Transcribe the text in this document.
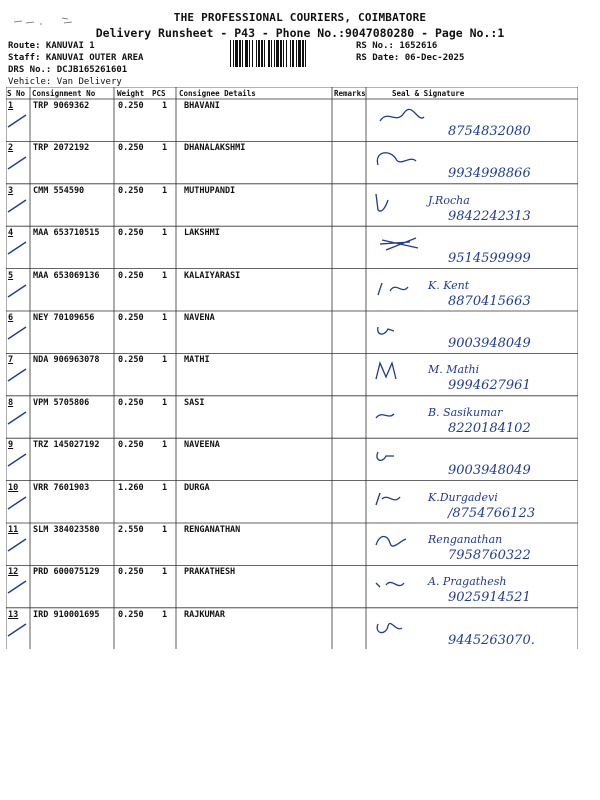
THE PROFESSIONAL COURIERS, COIMBATORE
Delivery Runsheet - P43 - Phone No.:9047080280 - Page No.:1
Route: KANUVAI 1
Staff: KANUVAI OUTER AREA
DRS No.: DCJB165261601
Vehicle: Van Delivery
RS No.: 1652616
RS Date: 06-Dec-2025
S No Consignment No	Weight PCS Consignee Details	Remarks	Seal & Signature
1 TRP 9069362	0.250 1 BHAVANI
8754832080
2 TRP 2072192	0.250 1 DHANALAKSHMI
9934998866
3 CMM 554590	0.250 1 MUTHUPANDI
J.Rocha
9842242313
4 MAA 653710515 0.250 1 LAKSHMI
9514599999
5 MAA 653069136 0.250 1 KALAIYARASI
K. Kent
8870415663
6 NEY 70109656	0.250 1 NAVENA
9003948049
7 NDA 906963078 0.250 1 MATHI
M. Mathi
9994627961
8 VPM 5705806	0.250 1 SASI
B. Sasikumar
8220184102
9 TRZ 145027192 0.250 1 NAVEENA
9003948049
10 VRR 7601903	1.260 1 DURGA
K.Durgadevi
/8754766123
11 SLM 384023580 2.550 1 RENGANATHAN
Renganathan
7958760322
12 PRD 600075129 0.250 1 PRAKATHESH
A. Pragathesh
9025914521
13 IRD 910001695 0.250 1 RAJKUMAR
9445263070.
